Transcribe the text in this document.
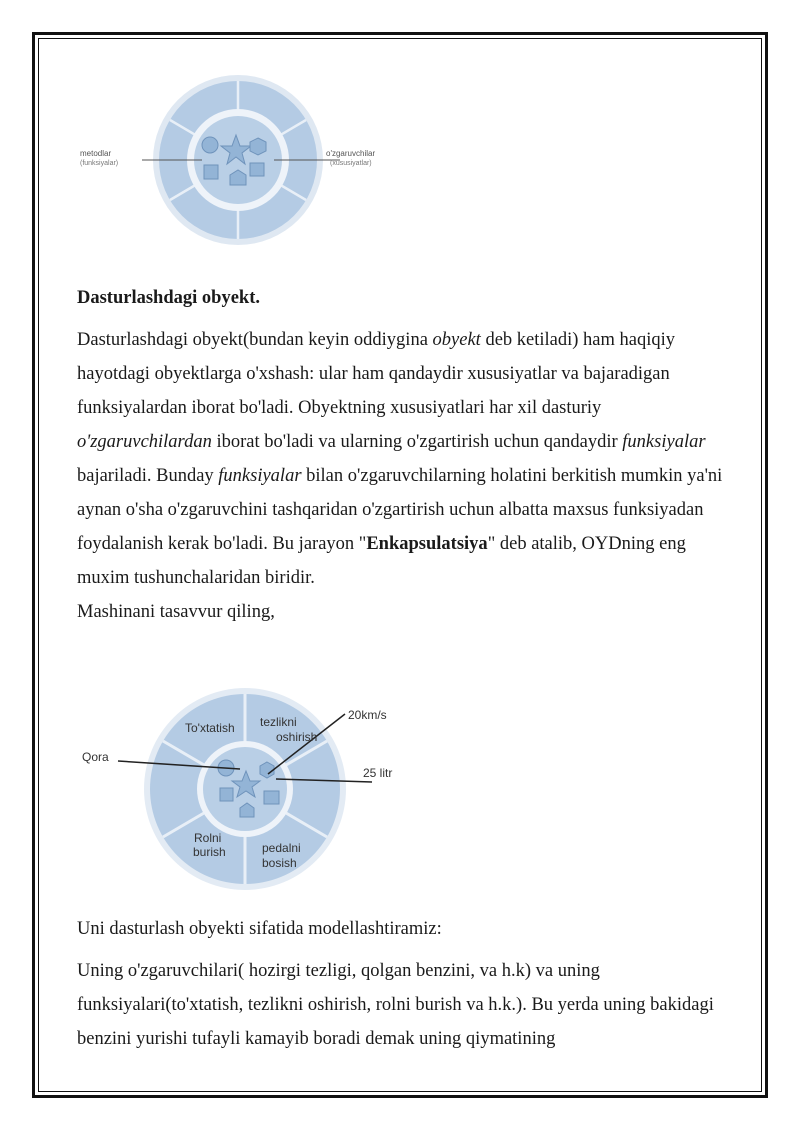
metodlar
(funksiyalar)
o'zgaruvchilar
(xususiyatlar)
Dasturlashdagi obyekt.

Dasturlashdagi obyekt(bundan keyin oddiygina obyekt deb ketiladi) ham haqiqiy hayotdagi obyektlarga o'xshash: ular ham qandaydir xususiyatlar va bajaradigan funksiyalardan iborat bo'ladi. Obyektning xususiyatlari har xil dasturiy o'zgaruvchilardan iborat bo'ladi va ularning o'zgartirish uchun qandaydir funksiyalar bajariladi. Bunday funksiyalar bilan o'zgaruvchilarning holatini berkitish mumkin ya'ni aynan o'sha o'zgaruvchini tashqaridan o'zgartirish uchun albatta maxsus funksiyadan foydalanish kerak bo'ladi. Bu jarayon "Enkapsulatsiya" deb atalib, OYDning eng muxim tushunchalaridan biridir.

Mashinani tasavvur qiling,

To'xtatish tezlikni
oshirish
Rolni
burish	pedalni
bosish
Qora
20km/s
25 litr
Uni dasturlash obyekti sifatida modellashtiramiz:
Uning o'zgaruvchilari( hozirgi tezligi, qolgan benzini, va h.k) va uning funksiyalari(to'xtatish, tezlikni oshirish, rolni burish va h.k.). Bu yerda uning bakidagi benzini yurishi tufayli kamayib boradi demak uning qiymatining
